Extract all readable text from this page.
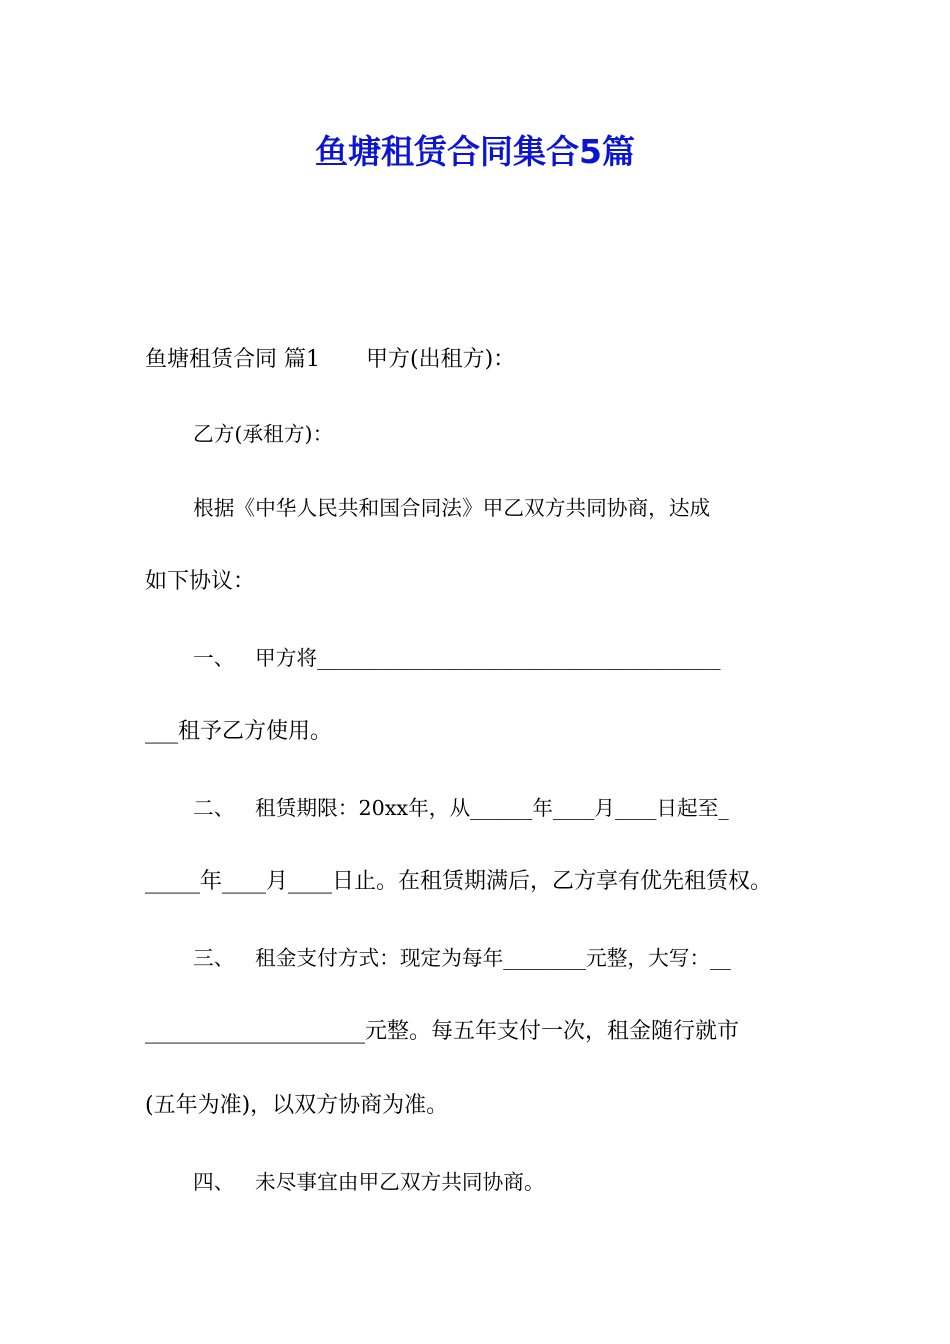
鱼塘租赁合同集合5篇

鱼塘租赁合同 篇1 甲方(出租方)：

乙方(承租方)：

根据《中华人民共和国合同法》甲乙双方共同协商，达成

如下协议：

一、 甲方将_______________________________________

___租予乙方使用。

二、 租赁期限：20xx年，从______年____月____日起至_

_____年____月____日止。在租赁期满后，乙方享有优先租赁权。

三、 租金支付方式：现定为每年________元整，大写：__

____________________元整。每五年支付一次，租金随行就市

(五年为准)，以双方协商为准。

四、 未尽事宜由甲乙双方共同协商。
